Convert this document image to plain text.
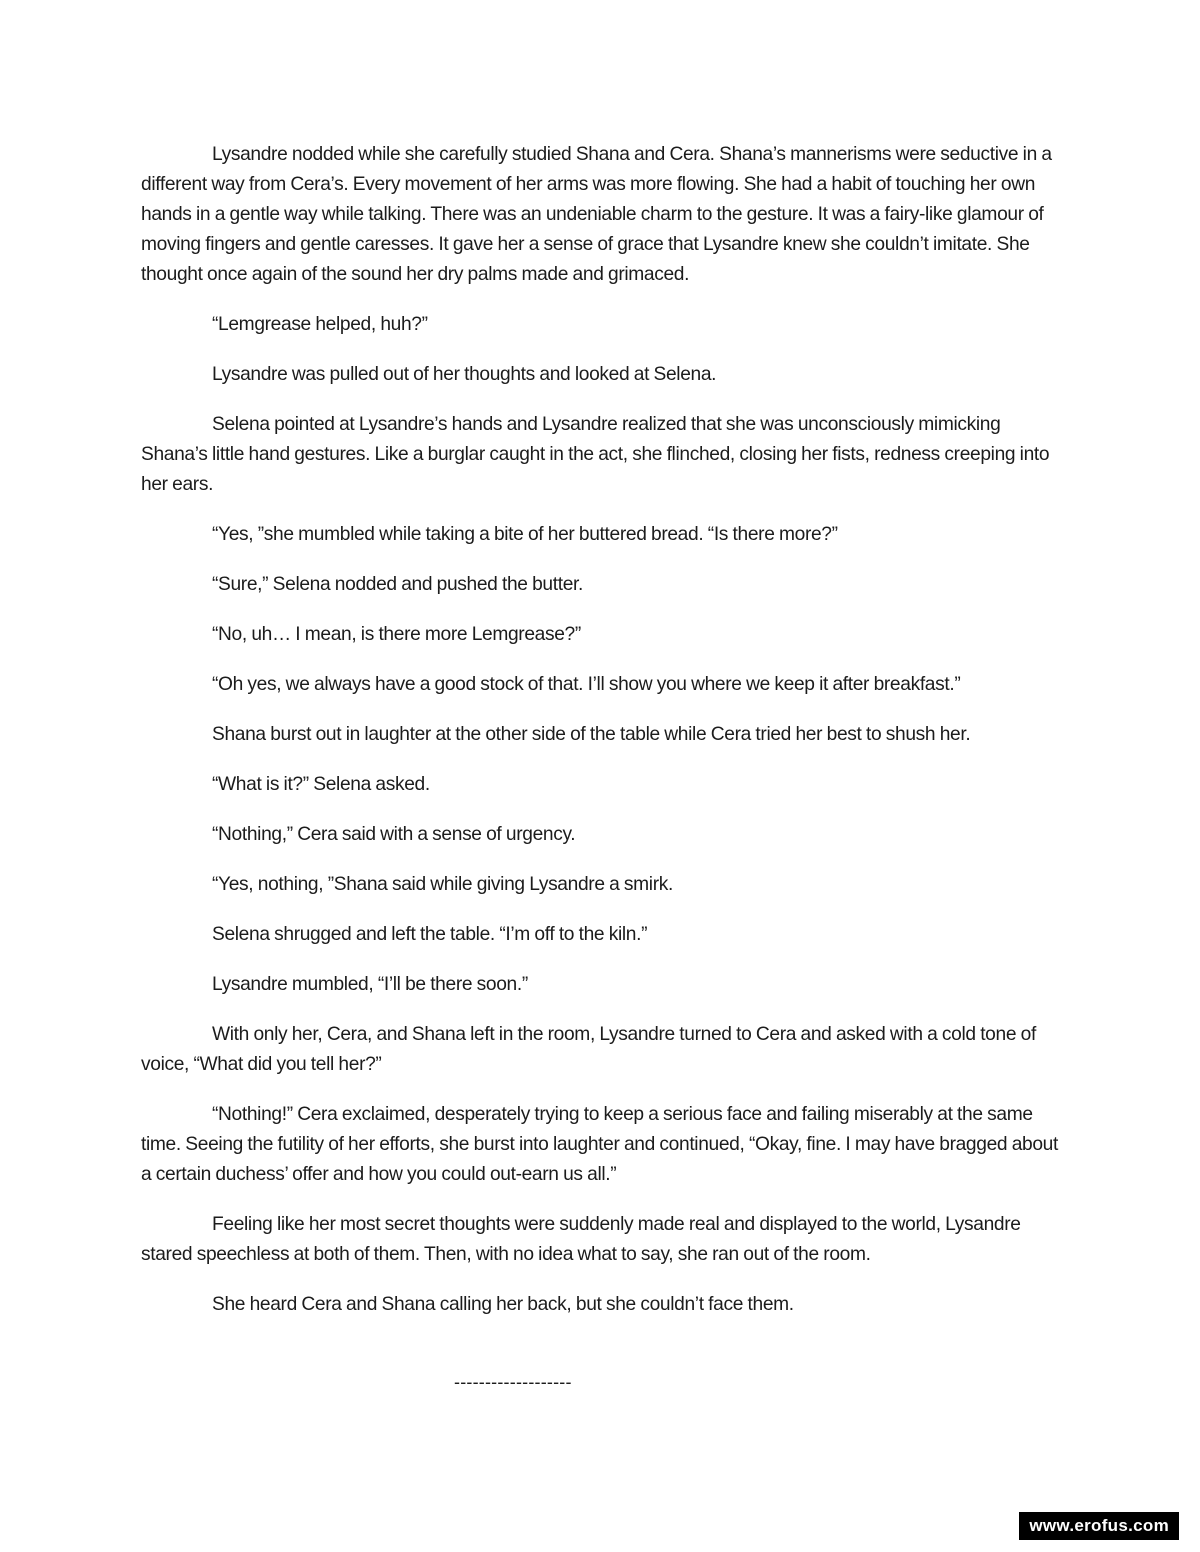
Lysandre nodded while she carefully studied Shana and Cera. Shana’s mannerisms were seductive in a different way from Cera’s. Every movement of her arms was more flowing. She had a habit of touching her own hands in a gentle way while talking. There was an undeniable charm to the gesture. It was a fairy-like glamour of moving fingers and gentle caresses. It gave her a sense of grace that Lysandre knew she couldn’t imitate. She thought once again of the sound her dry palms made and grimaced.

“Lemgrease helped, huh?”

Lysandre was pulled out of her thoughts and looked at Selena.

Selena pointed at Lysandre’s hands and Lysandre realized that she was unconsciously mimicking Shana’s little hand gestures. Like a burglar caught in the act, she flinched, closing her fists, redness creeping into her ears.

“Yes, ”she mumbled while taking a bite of her buttered bread. “Is there more?”

“Sure,” Selena nodded and pushed the butter.

“No, uh… I mean, is there more Lemgrease?”

“Oh yes, we always have a good stock of that. I’ll show you where we keep it after breakfast.”

Shana burst out in laughter at the other side of the table while Cera tried her best to shush her.

“What is it?” Selena asked.

“Nothing,” Cera said with a sense of urgency.

“Yes, nothing, ”Shana said while giving Lysandre a smirk.

Selena shrugged and left the table. “I’m off to the kiln.”

Lysandre mumbled, “I’ll be there soon.”

With only her, Cera, and Shana left in the room, Lysandre turned to Cera and asked with a cold tone of voice, “What did you tell her?”

“Nothing!” Cera exclaimed, desperately trying to keep a serious face and failing miserably at the same time. Seeing the futility of her efforts, she burst into laughter and continued, “Okay, fine. I may have bragged about a certain duchess’ offer and how you could out-earn us all.”

Feeling like her most secret thoughts were suddenly made real and displayed to the world, Lysandre stared speechless at both of them. Then, with no idea what to say, she ran out of the room.

She heard Cera and Shana calling her back, but she couldn’t face them.

-------------------
www.erofus.com
